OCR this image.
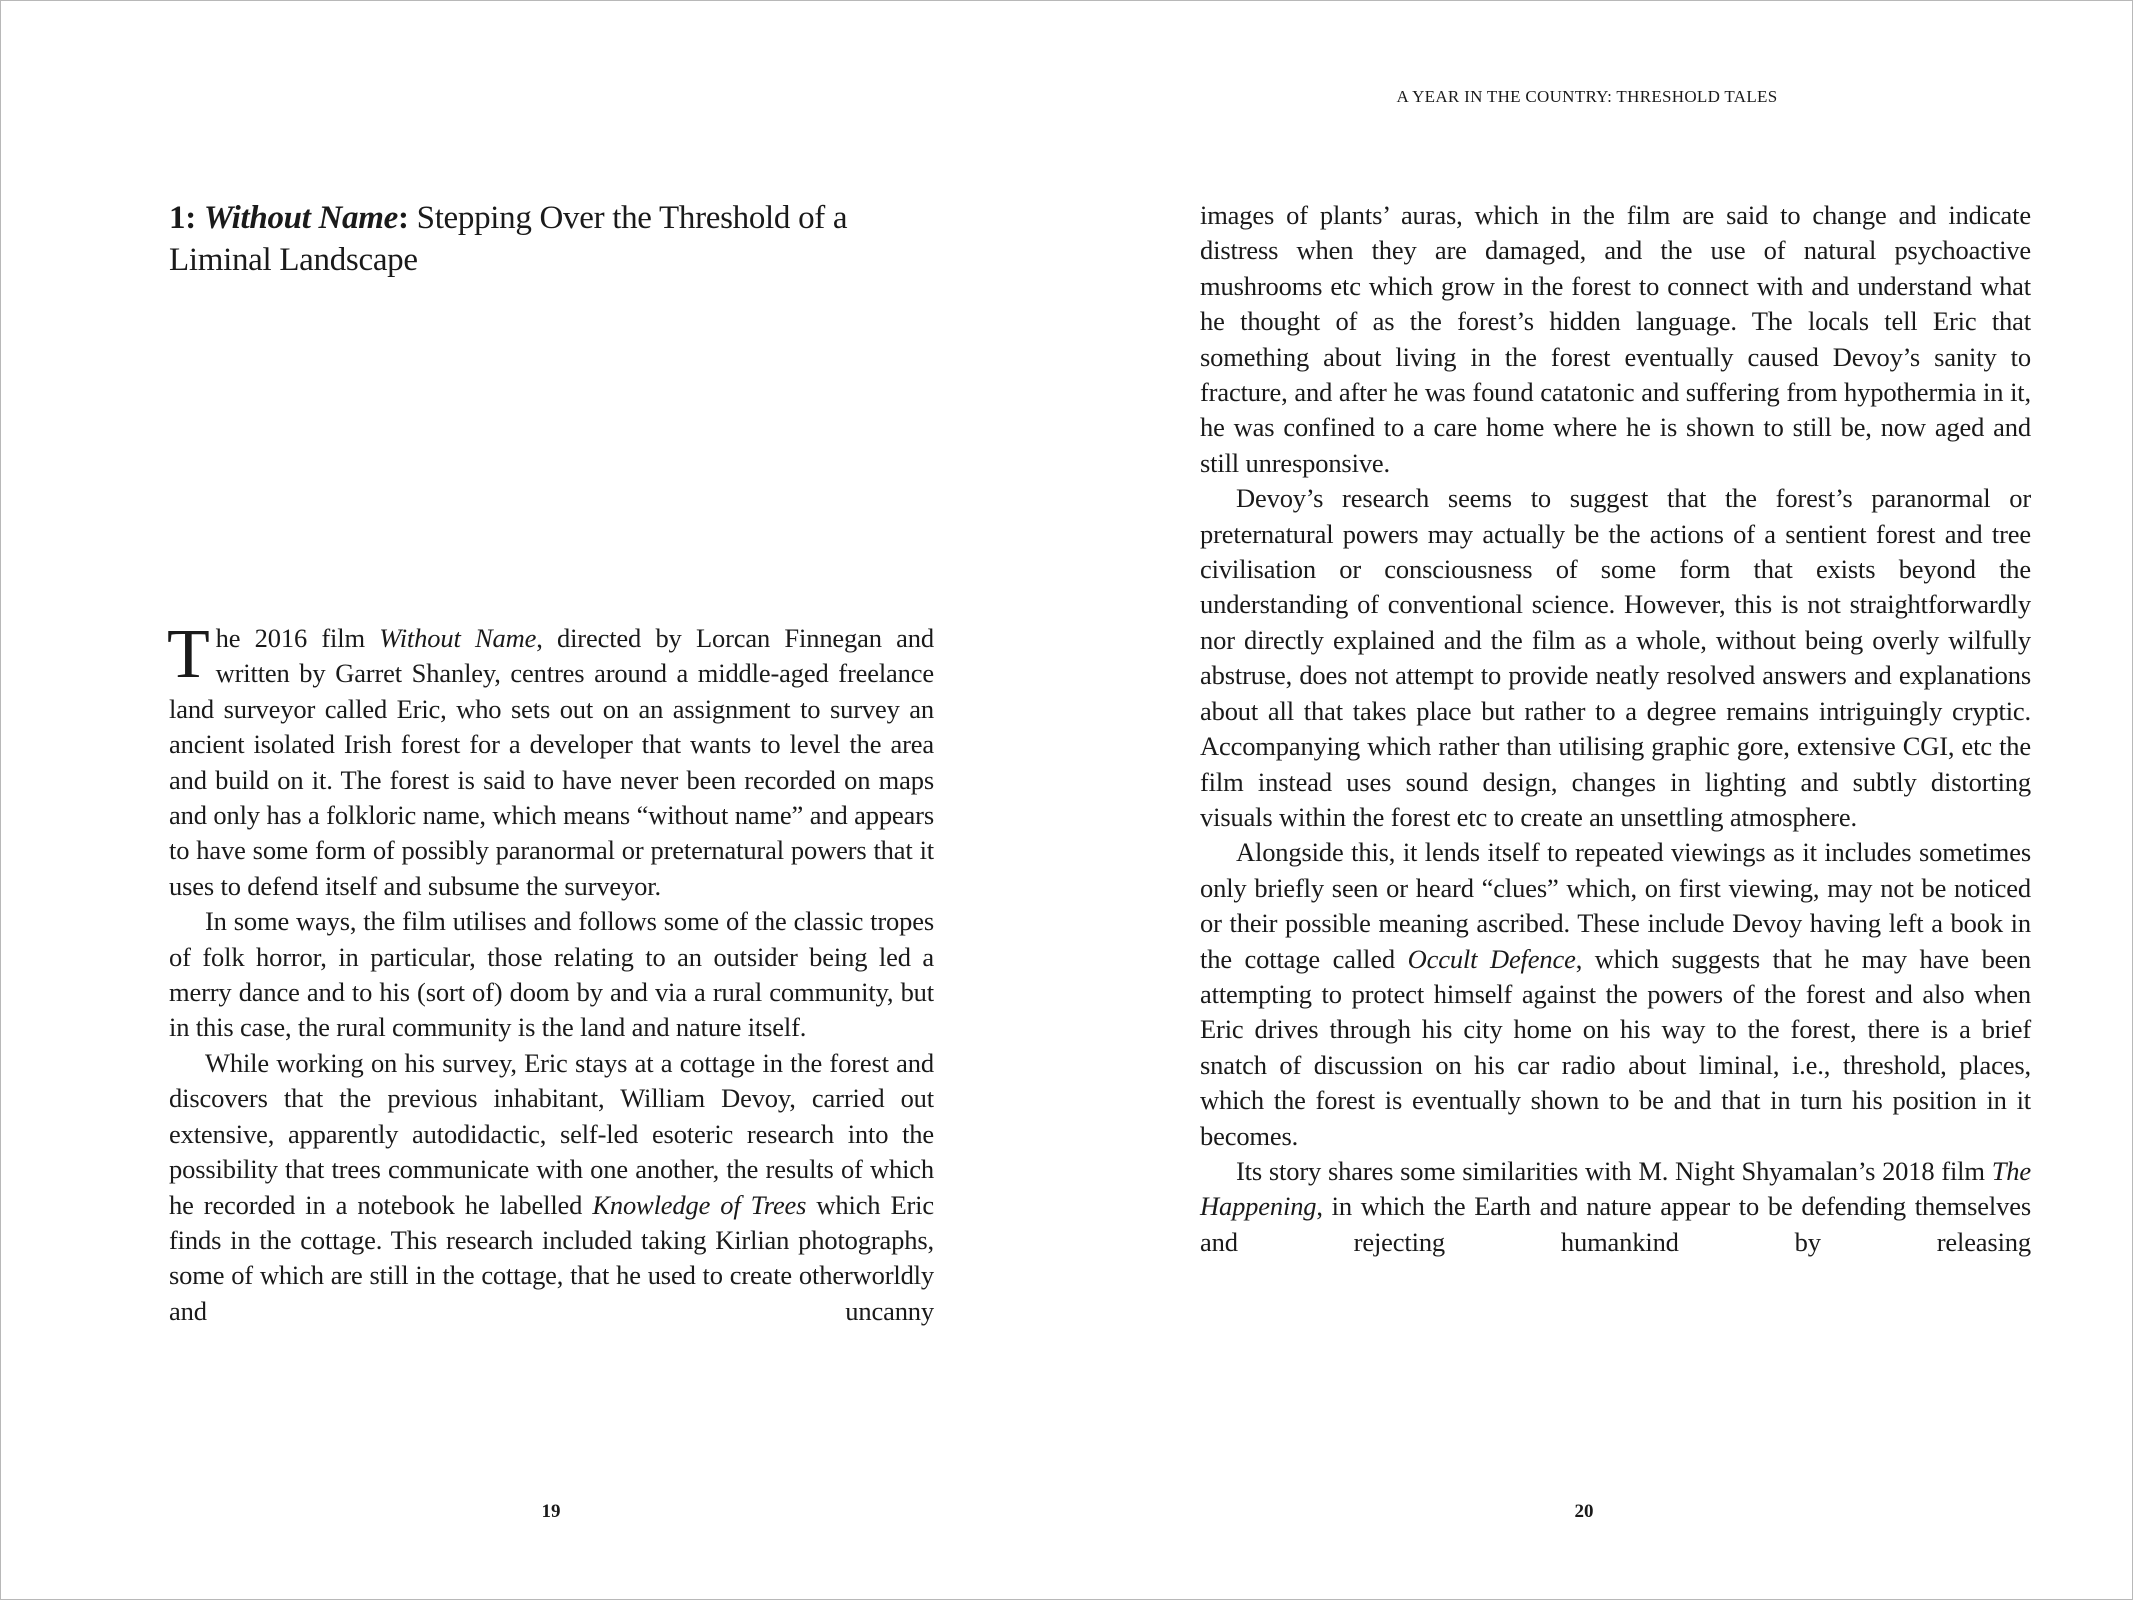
1: Without Name: Stepping Over the Threshold of a Liminal Landscape

The 2016 film Without Name, directed by Lorcan Finnegan and written by Garret Shanley, centres around a middle-aged freelance land surveyor called Eric, who sets out on an assignment to survey an ancient isolated Irish forest for a developer that wants to level the area and build on it. The forest is said to have never been recorded on maps and only has a folkloric name, which means “without name” and appears to have some form of possibly paranormal or preternatural powers that it uses to defend itself and subsume the surveyor.

In some ways, the film utilises and follows some of the classic tropes of folk horror, in particular, those relating to an outsider being led a merry dance and to his (sort of) doom by and via a rural community, but in this case, the rural community is the land and nature itself.

While working on his survey, Eric stays at a cottage in the forest and discovers that the previous inhabitant, William Devoy, carried out extensive, apparently autodidactic, self-led esoteric research into the possibility that trees communicate with one another, the results of which he recorded in a notebook he labelled Knowledge of Trees which Eric finds in the cottage. This research included taking Kirlian photographs, some of which are still in the cottage, that he used to create otherworldly and uncanny

19
A YEAR IN THE COUNTRY: THRESHOLD TALES

images of plants’ auras, which in the film are said to change and indicate distress when they are damaged, and the use of natural psychoactive mushrooms etc which grow in the forest to connect with and understand what he thought of as the forest’s hidden language. The locals tell Eric that something about living in the forest eventually caused Devoy’s sanity to fracture, and after he was found catatonic and suffering from hypothermia in it, he was confined to a care home where he is shown to still be, now aged and still unresponsive.

Devoy’s research seems to suggest that the forest’s paranormal or preternatural powers may actually be the actions of a sentient forest and tree civilisation or consciousness of some form that exists beyond the understanding of conventional science. However, this is not straightforwardly nor directly explained and the film as a whole, without being overly wilfully abstruse, does not attempt to provide neatly resolved answers and explanations about all that takes place but rather to a degree remains intriguingly cryptic. Accompanying which rather than utilising graphic gore, extensive CGI, etc the film instead uses sound design, changes in lighting and subtly distorting visuals within the forest etc to create an unsettling atmosphere.

Alongside this, it lends itself to repeated viewings as it includes sometimes only briefly seen or heard “clues” which, on first viewing, may not be noticed or their possible meaning ascribed. These include Devoy having left a book in the cottage called Occult Defence, which suggests that he may have been attempting to protect himself against the powers of the forest and also when Eric drives through his city home on his way to the forest, there is a brief snatch of discussion on his car radio about liminal, i.e., threshold, places, which the forest is eventually shown to be and that in turn his position in it becomes.

Its story shares some similarities with M. Night Shyamalan’s 2018 film The Happening, in which the Earth and nature appear to be defending themselves and rejecting humankind by releasing

20
